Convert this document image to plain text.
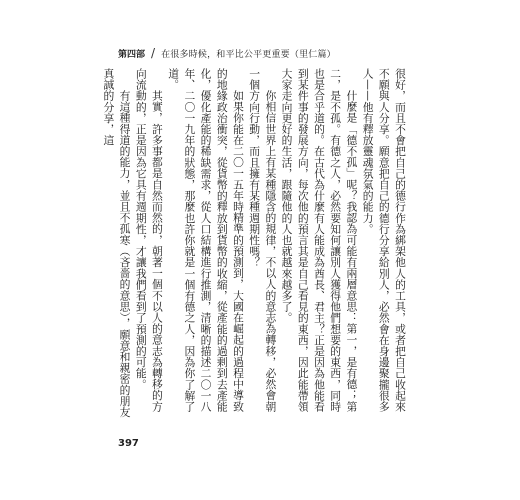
第四部 / 在很多時候，和平比公平更重要（里仁篇）

很好，而且不會把自己的德行作為綁架他人的工具，或者把自己收起來不願與人分享。願意把自己的德行分享給別人，必然會在身邊聚攏很多人——他有釋放靈魂氛氣的能力。

什麼是「德不孤」呢？我認為可能有兩層意思：第一，是有德；第二，是不孤。有德之人，必然要知何讓別人獲得他們想要的東西，同時也是合乎道的。在古代為什麼有人能成為酋長、君主？正是因為他能看到某件事的發展方向，每次他的預言其是自己看見的東西，因此能帶領大家走向更好的生活，跟隨他的人也就越來越多了。

你相信世界上有某種隱含的規律，不以人的意志為轉移，必然會朝一個方向行動，而且擁有某種週期性嗎？

如果你能在二〇一五年時精準的預測到，大國在崛起的過程中導致的地緣政治衝突，從貨幣的釋放到貨幣的收縮，從產能的過剩到去產能化，優化產能的稀缺需求，從人口結構進行推測，清晰的描述二〇一八年、二〇一九年的狀態，那麼也許你就是一個有德之人，因為你了解了道。

其實，許多事都是自然而然的，朝著一個不以人的意志為轉移的方向流動的，正是因為它具有週期性，才讓我們看到了預測的可能。

有這種得道的能力，並且不孤寒（吝嗇的意思），願意和親密的朋友真誠的分享，這

397
